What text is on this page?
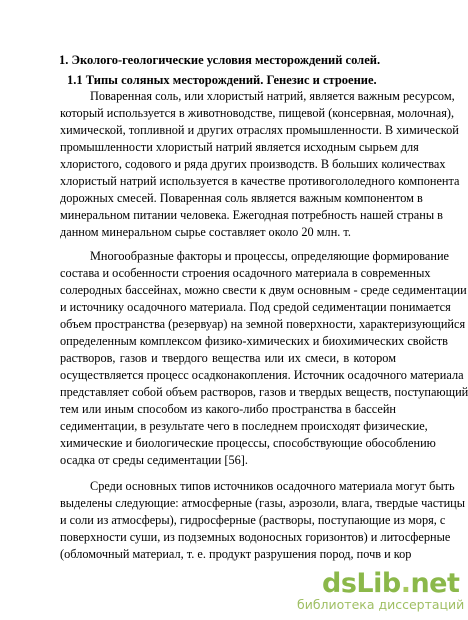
1. Эколого-геологические условия месторождений солей.
1.1 Типы соляных месторождений. Генезис и строение.
Поваренная соль, или хлористый натрий, является важным ресурсом,
который используется в животноводстве, пищевой (консервная, молочная),
химической, топливной и других отраслях промышленности. В химической
промышленности хлористый натрий является исходным сырьем для
хлористого, содового и ряда других производств. В больших количествах
хлористый натрий используется в качестве противогололедного компонента
дорожных смесей. Поваренная соль является важным компонентом в
минеральном питании человека. Ежегодная потребность нашей страны в
данном минеральном сырье составляет около 20 млн. т.
Многообразные факторы и процессы, определяющие формирование
состава и особенности строения осадочного материала в современных
солеродных бассейнах, можно свести к двум основным - среде седиментации
и источнику осадочного материала. Под средой седиментации понимается
объем пространства (резервуар) на земной поверхности, характеризующийся
определенным комплексом физико-химических и биохимических свойств
растворов, газов и твердого вещества или их смеси, в котором
осуществляется процесс осадконакопления. Источник осадочного материала
представляет собой объем растворов, газов и твердых веществ, поступающий
тем или иным способом из какого-либо пространства в бассейн
седиментации, в результате чего в последнем происходят физические,
химические и биологические процессы, способствующие обособлению
осадка от среды седиментации [56].
Среди основных типов источников осадочного материала могут быть
выделены следующие: атмосферные (газы, аэрозоли, влага, твердые частицы
и соли из атмосферы), гидросферные (растворы, поступающие из моря, с
поверхности суши, из подземных водоносных горизонтов) и литосферные
(обломочный материал, т. е. продукт разрушения пород, почв и кор
dsLib.net
библиотека диссертаций
